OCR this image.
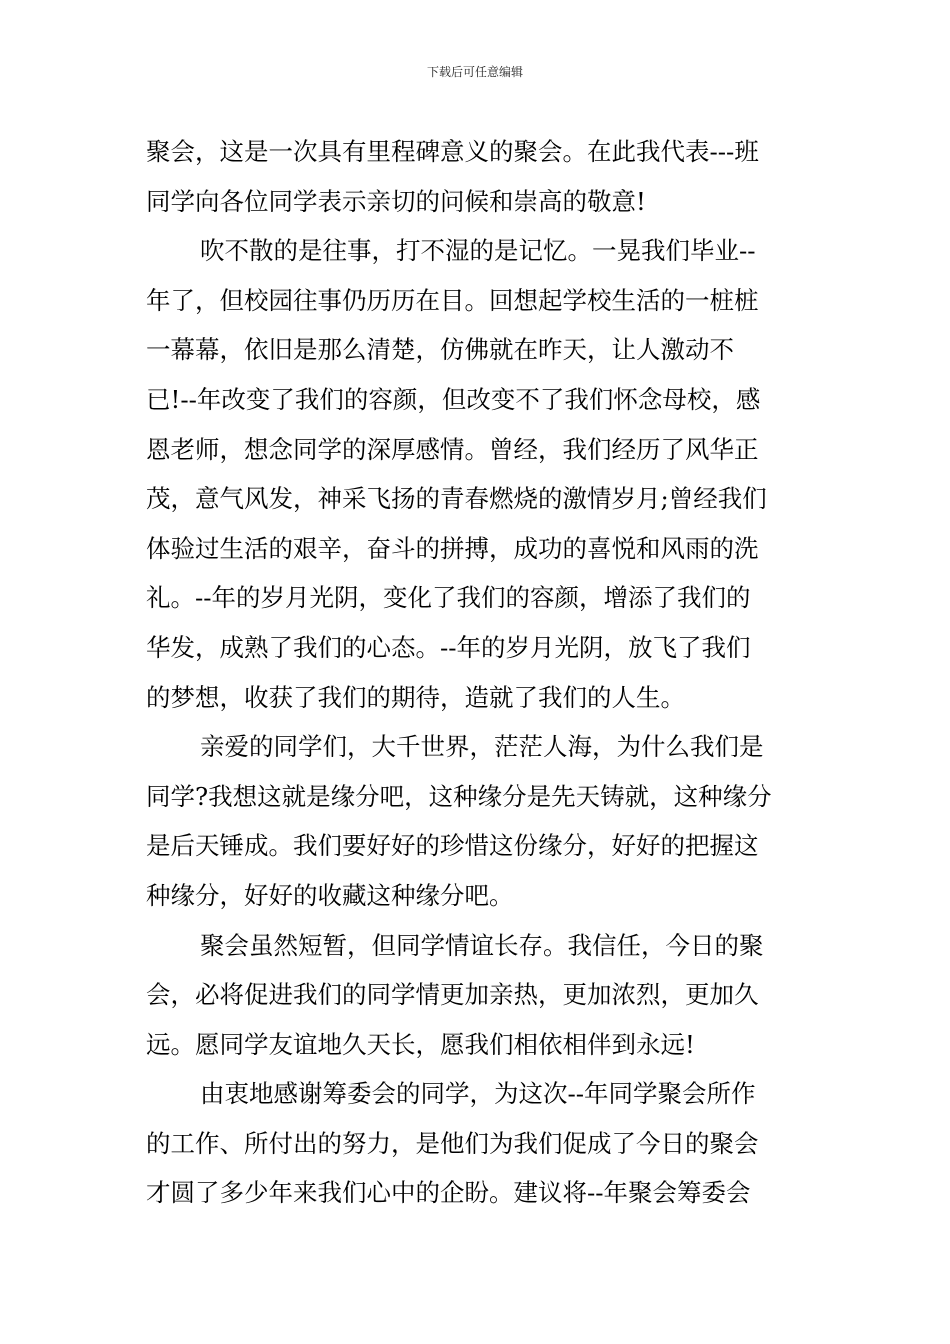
下载后可任意编辑
聚会，这是一次具有里程碑意义的聚会。在此我代表---班
同学向各位同学表示亲切的问候和崇高的敬意!
吹不散的是往事，打不湿的是记忆。一晃我们毕业--
年了，但校园往事仍历历在目。回想起学校生活的一桩桩
一幕幕，依旧是那么清楚，仿佛就在昨天，让人激动不
已!--年改变了我们的容颜，但改变不了我们怀念母校，感
恩老师，想念同学的深厚感情。曾经，我们经历了风华正
茂，意气风发，神采飞扬的青春燃烧的激情岁月;曾经我们
体验过生活的艰辛，奋斗的拼搏，成功的喜悦和风雨的洗
礼。--年的岁月光阴，变化了我们的容颜，增添了我们的
华发，成熟了我们的心态。--年的岁月光阴，放飞了我们
的梦想，收获了我们的期待，造就了我们的人生。
亲爱的同学们，大千世界，茫茫人海，为什么我们是
同学?我想这就是缘分吧，这种缘分是先天铸就，这种缘分
是后天锤成。我们要好好的珍惜这份缘分，好好的把握这
种缘分，好好的收藏这种缘分吧。
聚会虽然短暂，但同学情谊长存。我信任，今日的聚
会，必将促进我们的同学情更加亲热，更加浓烈，更加久
远。愿同学友谊地久天长，愿我们相依相伴到永远!
由衷地感谢筹委会的同学，为这次--年同学聚会所作
的工作、所付出的努力，是他们为我们促成了今日的聚会
才圆了多少年来我们心中的企盼。建议将--年聚会筹委会
